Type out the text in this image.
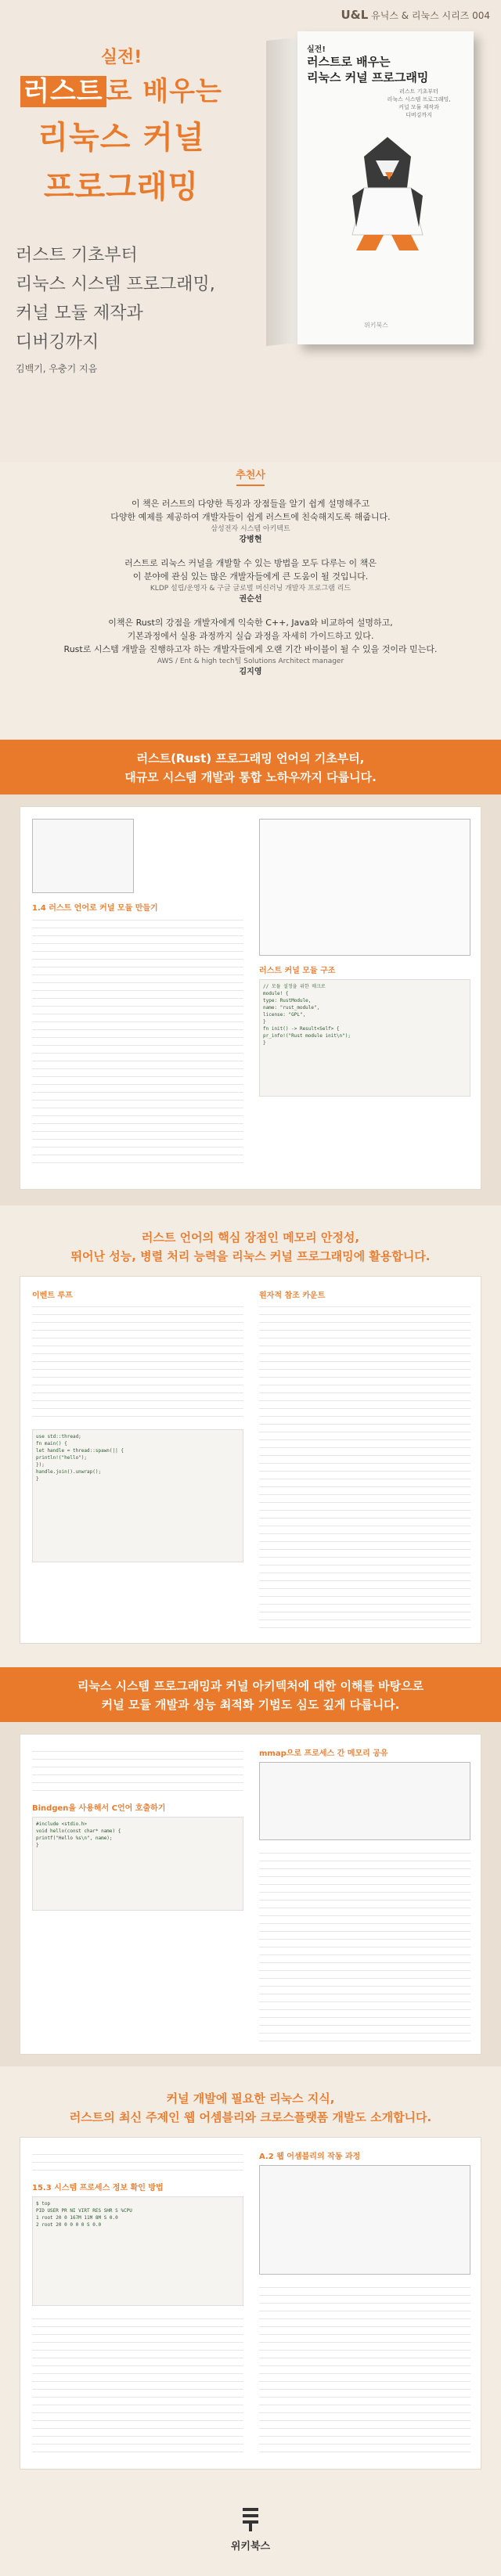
U&L 유닉스 & 리눅스 시리즈 004
실전!
러스트 로 배우는
리눅스 커널
프로그래밍
러스트 기초부터
리눅스 시스템 프로그래밍,
커널 모듈 제작과
디버깅까지
김백기, 우충기 지음
실전!
러스트로 배우는
리눅스 커널 프로그래밍
러스트 기초부터
리눅스 시스템 프로그래밍,
커널 모듈 제작과
디버깅까지
위키북스
추천사
이 책은 러스트의 다양한 특징과 장점들을 알기 쉽게 설명해주고
다양한 예제를 제공하여 개발자들이 쉽게 러스트에 친숙해지도록 해줍니다.
삼성전자 시스템 아키텍트
강병현
러스트로 리눅스 커널을 개발할 수 있는 방법을 모두 다루는 이 책은
이 분야에 관심 있는 많은 개발자들에게 큰 도움이 될 것입니다.
KLDP 설립/운영자 & 구글 글로벌 머신러닝 개발자 프로그램 리드
권순선
이책은 Rust의 강점을 개발자에게 익숙한 C++, Java와 비교하여 설명하고,
기본과정에서 실용 과정까지 실습 과정을 자세히 가이드하고 있다.
Rust로 시스템 개발을 진행하고자 하는 개발자들에게 오랜 기간 바이블이 될 수 있을 것이라 믿는다.
AWS / Ent & high tech팀 Solutions Architect manager
김지영
러스트(Rust) 프로그래밍 언어의 기초부터,
대규모 시스템 개발과 통합 노하우까지 다룹니다.
1.4 러스트 언어로 커널 모듈 만들기
러스트 커널 모듈 구조
// 모듈 설정을 위한 매크로
module! {
type: RustModule,
name: "rust_module",
license: "GPL",
}
fn init() -> Result<Self> {
pr_info!("Rust module init\n");
}
러스트 언어의 핵심 장점인 메모리 안정성,
뛰어난 성능, 병렬 처리 능력을 리눅스 커널 프로그래밍에 활용합니다.
이벤트 루프
use std::thread;
fn main() {
let handle = thread::spawn(|| {
println!("hello");
});
handle.join().unwrap();
}
원자적 참조 카운트
리눅스 시스템 프로그래밍과 커널 아키텍처에 대한 이해를 바탕으로
커널 모듈 개발과 성능 최적화 기법도 심도 깊게 다룹니다.
Bindgen을 사용해서 C언어 호출하기
#include <stdio.h>
void hello(const char* name) {
printf("Hello %s\n", name);
}
mmap으로 프로세스 간 메모리 공유
커널 개발에 필요한 리눅스 지식,
러스트의 최신 주제인 웹 어셈블리와 크로스플랫폼 개발도 소개합니다.
15.3 시스템 프로세스 정보 확인 방법
$ top
PID USER PR NI VIRT RES SHR S %CPU
1 root 20 0 167M 11M 8M S 0.0
2 root 20 0 0 0 0 S 0.0
A.2 웹 어셈블리의 작동 과정
위키북스
